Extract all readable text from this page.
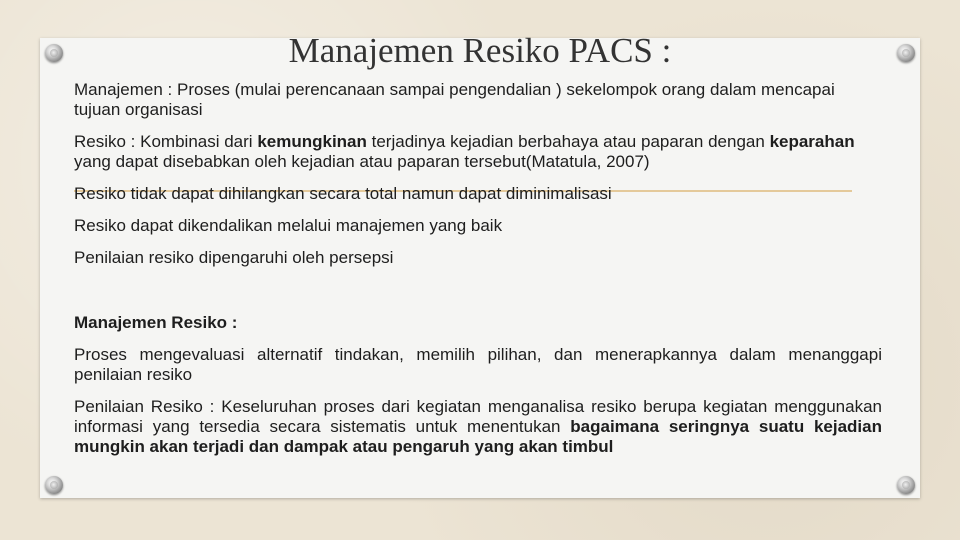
Manajemen Resiko PACS :

Manajemen : Proses (mulai perencanaan sampai pengendalian ) sekelompok orang dalam mencapai tujuan organisasi

Resiko : Kombinasi dari kemungkinan terjadinya kejadian berbahaya atau paparan dengan keparahan yang dapat disebabkan oleh kejadian atau paparan tersebut(Matatula, 2007)

Resiko tidak dapat dihilangkan secara total namun dapat diminimalisasi

Resiko dapat dikendalikan melalui manajemen yang baik

Penilaian resiko dipengaruhi oleh persepsi

Manajemen Resiko :

Proses mengevaluasi alternatif tindakan, memilih pilihan, dan menerapkannya dalam menanggapi penilaian resiko

Penilaian Resiko : Keseluruhan proses dari kegiatan menganalisa resiko berupa kegiatan menggunakan informasi yang tersedia secara sistematis untuk menentukan bagaimana seringnya suatu kejadian mungkin akan terjadi dan dampak atau pengaruh yang akan timbul
